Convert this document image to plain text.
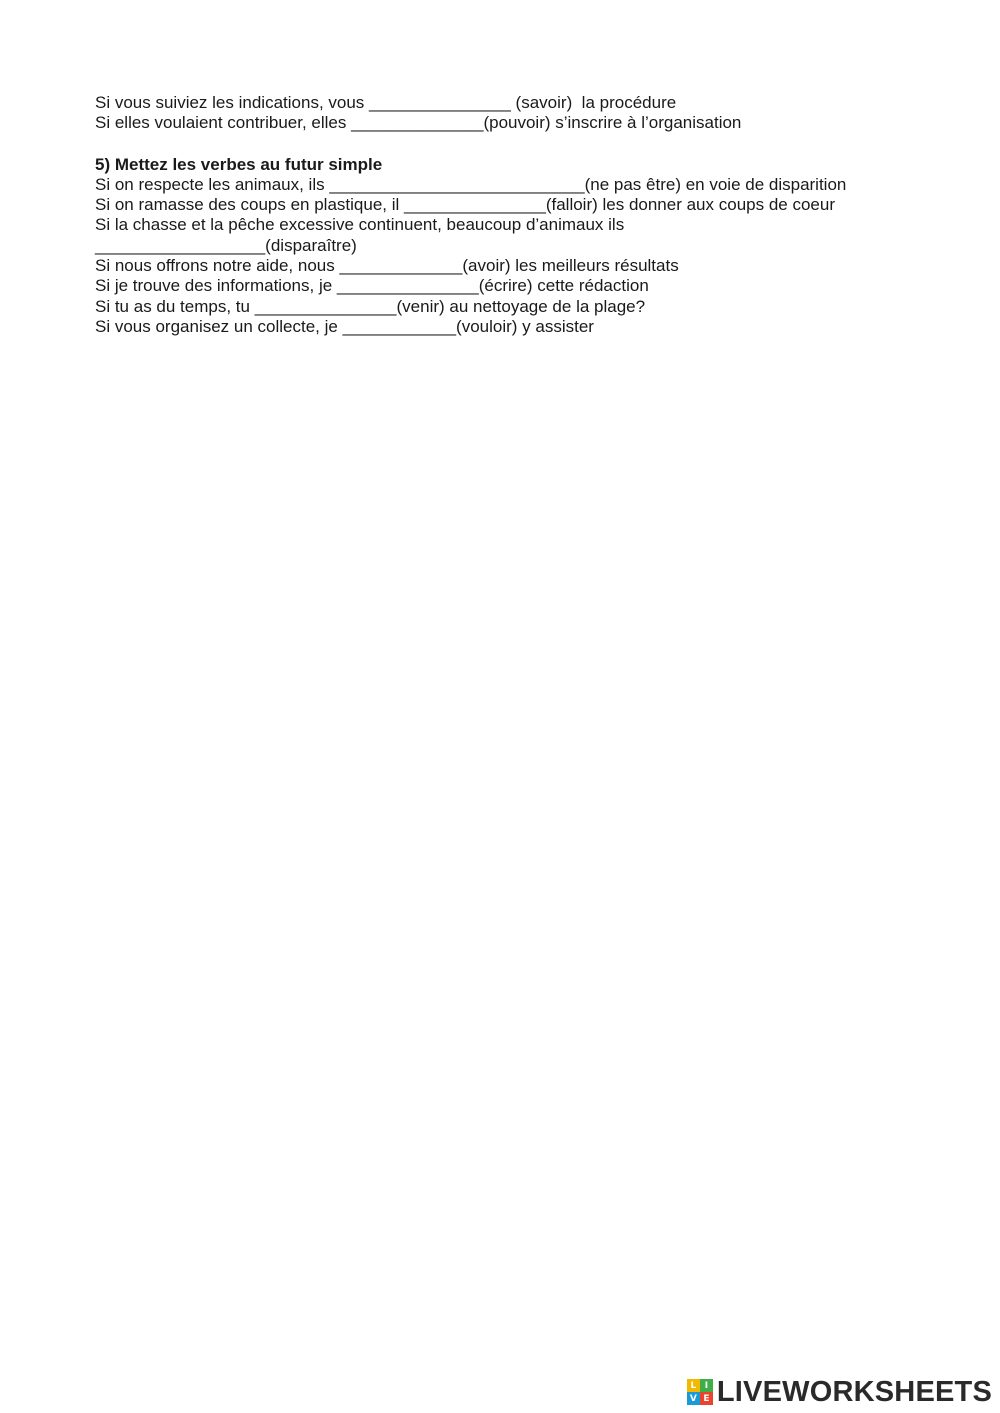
Si vous suiviez les indications, vous _______________ (savoir)  la procédure

Si elles voulaient contribuer, elles ______________(pouvoir) s’inscrire à l’organisation

5) Mettez les verbes au futur simple

Si on respecte les animaux, ils ___________________________(ne pas être) en voie de disparition

Si on ramasse des coups en plastique, il _______________(falloir) les donner aux coups de coeur

Si la chasse et la pêche excessive continuent, beaucoup d’animaux ils

__________________(disparaître)

Si nous offrons notre aide, nous _____________(avoir) les meilleurs résultats

Si je trouve des informations, je _______________(écrire) cette rédaction

Si tu as du temps, tu _______________(venir) au nettoyage de la plage?

Si vous organisez un collecte, je ____________(vouloir) y assister

L I
V E LIVEWORKSHEETS
